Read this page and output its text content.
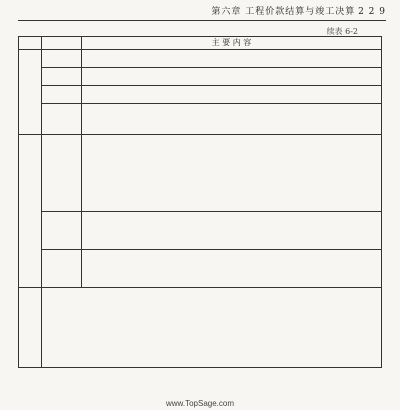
第六章 工程价款结算与竣工决算 2 2 9
续表 6-2
主 要 内 容
www.TopSage.com
